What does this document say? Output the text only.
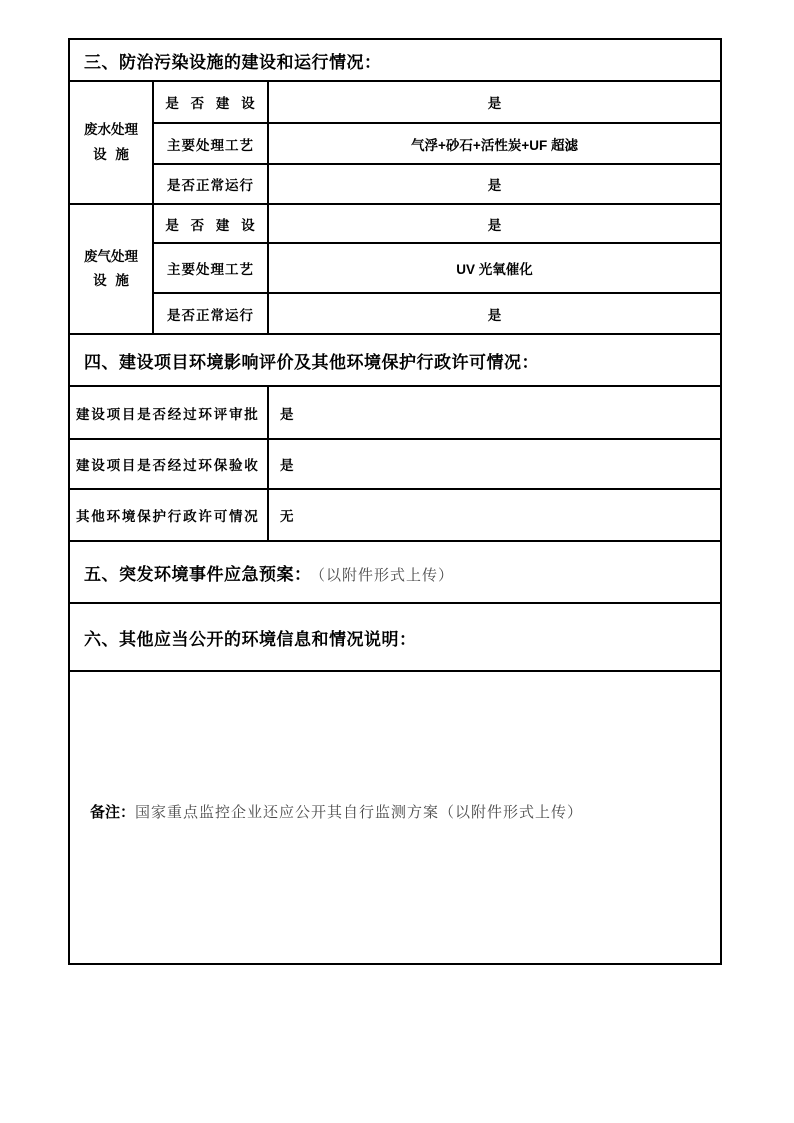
三、防治污染设施的建设和运行情况：		

废水处理
设 施	是 否 建 设	是
	主要处理工艺	气浮+砂石+活性炭+UF 超滤
	是否正常运行	是

废气处理
设 施	是 否 建 设	是
	主要处理工艺	UV 光氧催化
	是否正常运行	是
四、建设项目环境影响评价及其他环境保护行政许可情况：		
建设项目是否经过环评审批		是
建设项目是否经过环保验收		是
其他环境保护行政许可情况		无
五、突发环境事件应急预案： （以附件形式上传）		
六、其他应当公开的环境信息和情况说明：		
备注：国家重点监控企业还应公开其自行监测方案（以附件形式上传）		
